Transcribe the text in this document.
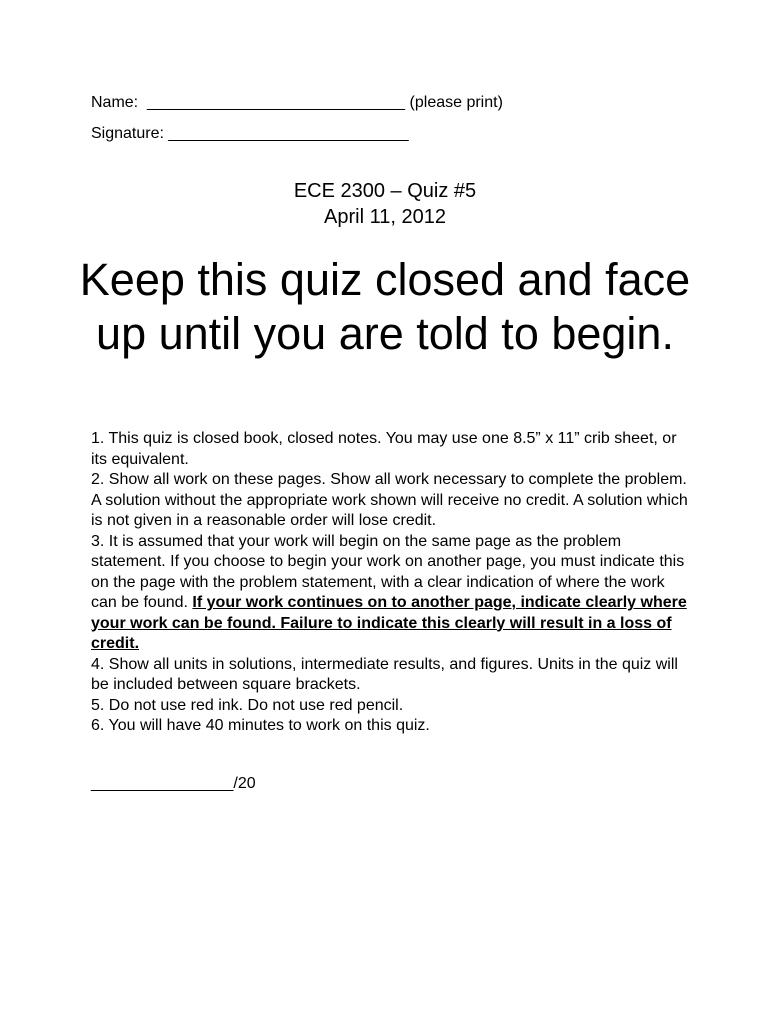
Name: _____________________________ (please print)
Signature: ___________________________
ECE 2300 – Quiz #5
April 11, 2012
Keep this quiz closed and face up until you are told to begin.

1. This quiz is closed book, closed notes. You may use one 8.5” x 11” crib sheet, or its equivalent.

2. Show all work on these pages. Show all work necessary to complete the problem. A solution without the appropriate work shown will receive no credit. A solution which is not given in a reasonable order will lose credit.

3. It is assumed that your work will begin on the same page as the problem statement. If you choose to begin your work on another page, you must indicate this on the page with the problem statement, with a clear indication of where the work can be found. If your work continues on to another page, indicate clearly where your work can be found. Failure to indicate this clearly will result in a loss of credit.

4. Show all units in solutions, intermediate results, and figures. Units in the quiz will be included between square brackets.

5. Do not use red ink. Do not use red pencil.

6. You will have 40 minutes to work on this quiz.

________________/20
